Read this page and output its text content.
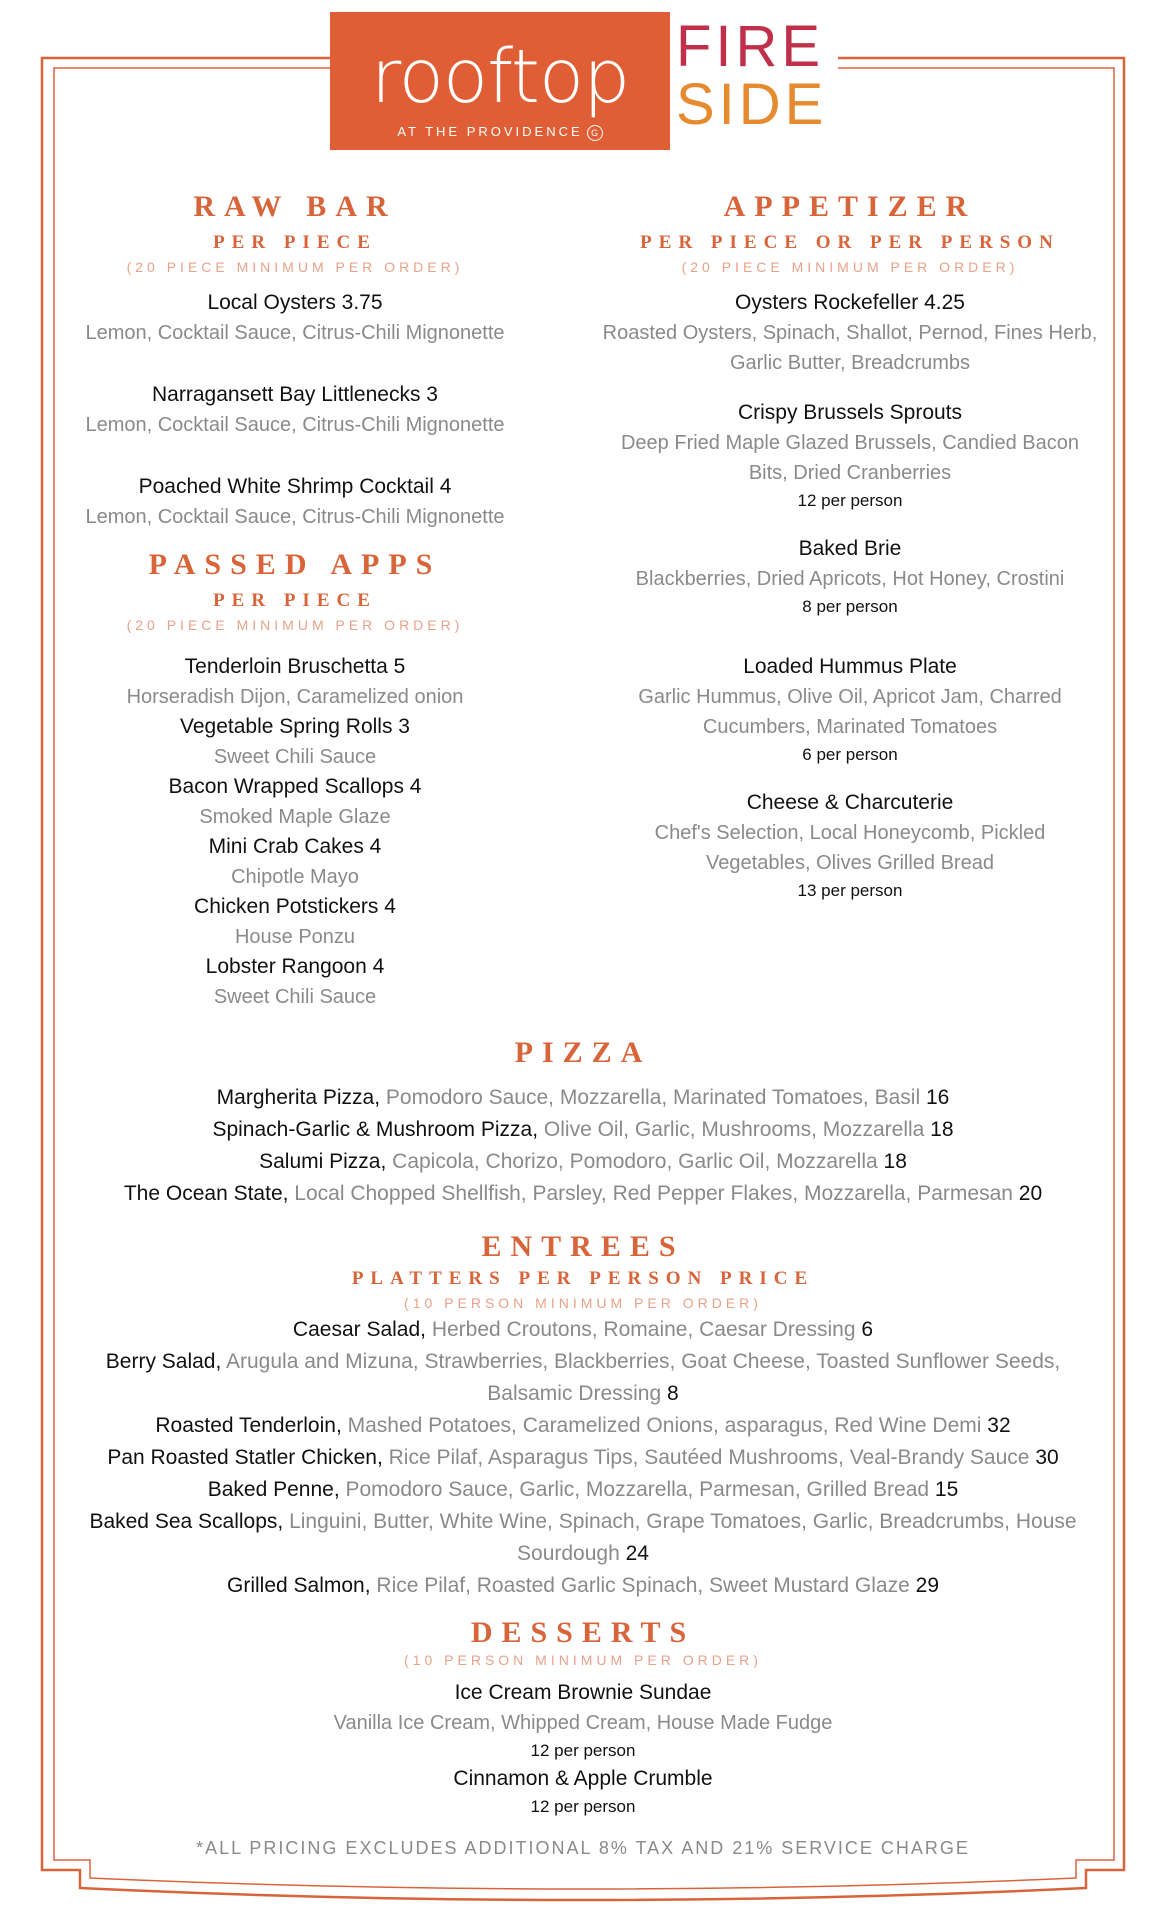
rooftop
AT THE PROVIDENCE G
FIRE
SIDE
RAW BAR
PER PIECE
(20 PIECE MINIMUM PER ORDER)
Local Oysters 3.75
Lemon, Cocktail Sauce, Citrus-Chili Mignonette
Narragansett Bay Littlenecks 3
Lemon, Cocktail Sauce, Citrus-Chili Mignonette
Poached White Shrimp Cocktail 4
Lemon, Cocktail Sauce, Citrus-Chili Mignonette
PASSED APPS
PER PIECE
(20 PIECE MINIMUM PER ORDER)
Tenderloin Bruschetta 5
Horseradish Dijon, Caramelized onion
Vegetable Spring Rolls 3
Sweet Chili Sauce
Bacon Wrapped Scallops 4
Smoked Maple Glaze
Mini Crab Cakes 4
Chipotle Mayo
Chicken Potstickers 4
House Ponzu
Lobster Rangoon 4
Sweet Chili Sauce
APPETIZER
PER PIECE OR PER PERSON
(20 PIECE MINIMUM PER ORDER)
Oysters Rockefeller 4.25
Roasted Oysters, Spinach, Shallot, Pernod, Fines Herb,
Garlic Butter, Breadcrumbs
Crispy Brussels Sprouts
Deep Fried Maple Glazed Brussels, Candied Bacon
Bits, Dried Cranberries
12 per person
Baked Brie
Blackberries, Dried Apricots, Hot Honey, Crostini
8 per person
Loaded Hummus Plate
Garlic Hummus, Olive Oil, Apricot Jam, Charred
Cucumbers, Marinated Tomatoes
6 per person
Cheese & Charcuterie
Chef's Selection, Local Honeycomb, Pickled
Vegetables, Olives Grilled Bread
13 per person
PIZZA
Margherita Pizza, Pomodoro Sauce, Mozzarella, Marinated Tomatoes, Basil 16
Spinach-Garlic & Mushroom Pizza, Olive Oil, Garlic, Mushrooms, Mozzarella 18
Salumi Pizza, Capicola, Chorizo, Pomodoro, Garlic Oil, Mozzarella 18
The Ocean State, Local Chopped Shellfish, Parsley, Red Pepper Flakes, Mozzarella, Parmesan 20
ENTREES
PLATTERS PER PERSON PRICE
(10 PERSON MINIMUM PER ORDER)
Caesar Salad, Herbed Croutons, Romaine, Caesar Dressing 6
Berry Salad, Arugula and Mizuna, Strawberries, Blackberries, Goat Cheese, Toasted Sunflower Seeds,
Balsamic Dressing 8
Roasted Tenderloin, Mashed Potatoes, Caramelized Onions, asparagus, Red Wine Demi 32
Pan Roasted Statler Chicken, Rice Pilaf, Asparagus Tips, Sautéed Mushrooms, Veal-Brandy Sauce 30
Baked Penne, Pomodoro Sauce, Garlic, Mozzarella, Parmesan, Grilled Bread 15
Baked Sea Scallops, Linguini, Butter, White Wine, Spinach, Grape Tomatoes, Garlic, Breadcrumbs, House
Sourdough 24
Grilled Salmon, Rice Pilaf, Roasted Garlic Spinach, Sweet Mustard Glaze 29
DESSERTS
(10 PERSON MINIMUM PER ORDER)
Ice Cream Brownie Sundae
Vanilla Ice Cream, Whipped Cream, House Made Fudge
12 per person
Cinnamon & Apple Crumble
12 per person
*ALL PRICING EXCLUDES ADDITIONAL 8% TAX AND 21% SERVICE CHARGE
